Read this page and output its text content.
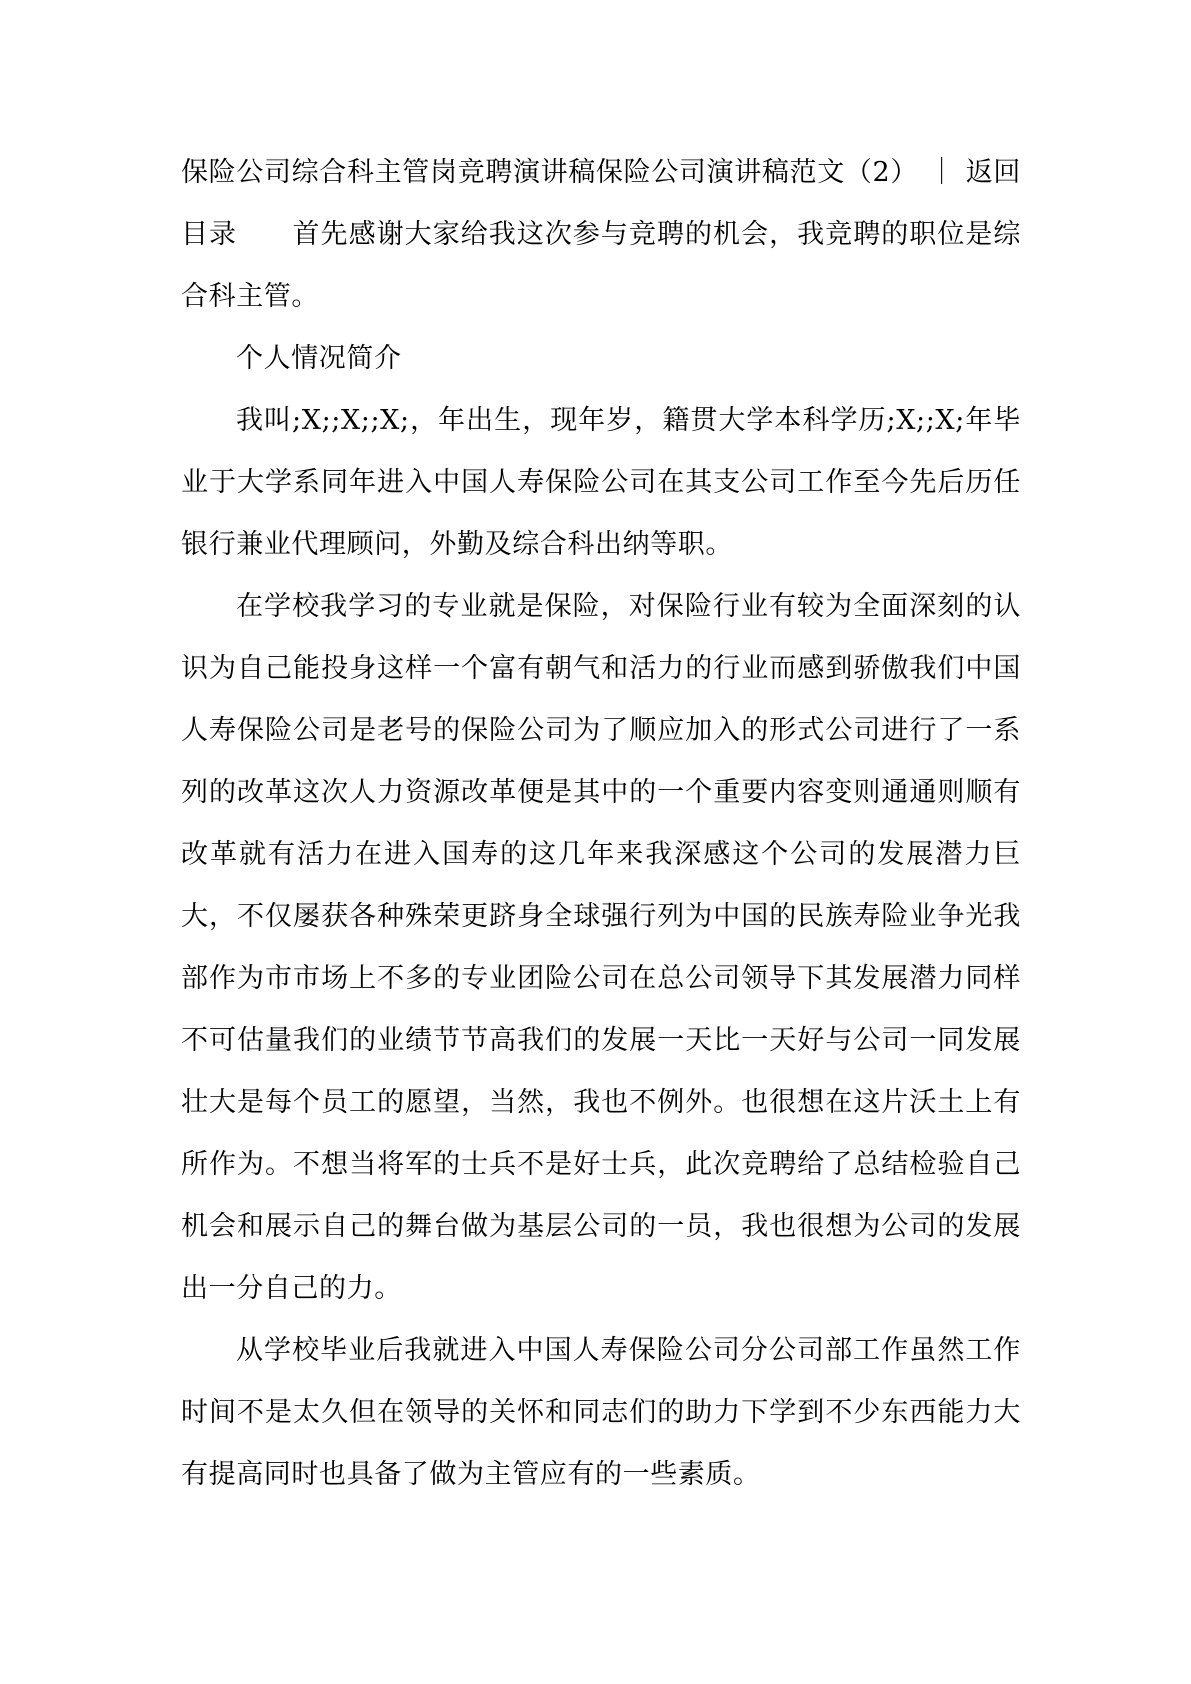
保险公司综合科主管岗竞聘演讲稿保险公司演讲稿范文（2） ｜ 返回目录 首先感谢大家给我这次参与竞聘的机会，我竞聘的职位是综合科主管。

个人情况简介

我叫;X;;X;;X;，年出生，现年岁，籍贯大学本科学历;X;;X;年毕业于大学系同年进入中国人寿保险公司在其支公司工作至今先后历任银行兼业代理顾问，外勤及综合科出纳等职。

在学校我学习的专业就是保险，对保险行业有较为全面深刻的认识为自己能投身这样一个富有朝气和活力的行业而感到骄傲我们中国人寿保险公司是老号的保险公司为了顺应加入的形式公司进行了一系列的改革这次人力资源改革便是其中的一个重要内容变则通通则顺有改革就有活力在进入国寿的这几年来我深感这个公司的发展潜力巨大，不仅屡获各种殊荣更跻身全球强行列为中国的民族寿险业争光我部作为市市场上不多的专业团险公司在总公司领导下其发展潜力同样不可估量我们的业绩节节高我们的发展一天比一天好与公司一同发展壮大是每个员工的愿望，当然，我也不例外。也很想在这片沃土上有所作为。不想当将军的士兵不是好士兵，此次竞聘给了总结检验自己机会和展示自己的舞台做为基层公司的一员，我也很想为公司的发展出一分自己的力。

从学校毕业后我就进入中国人寿保险公司分公司部工作虽然工作时间不是太久但在领导的关怀和同志们的助力下学到不少东西能力大有提高同时也具备了做为主管应有的一些素质。
